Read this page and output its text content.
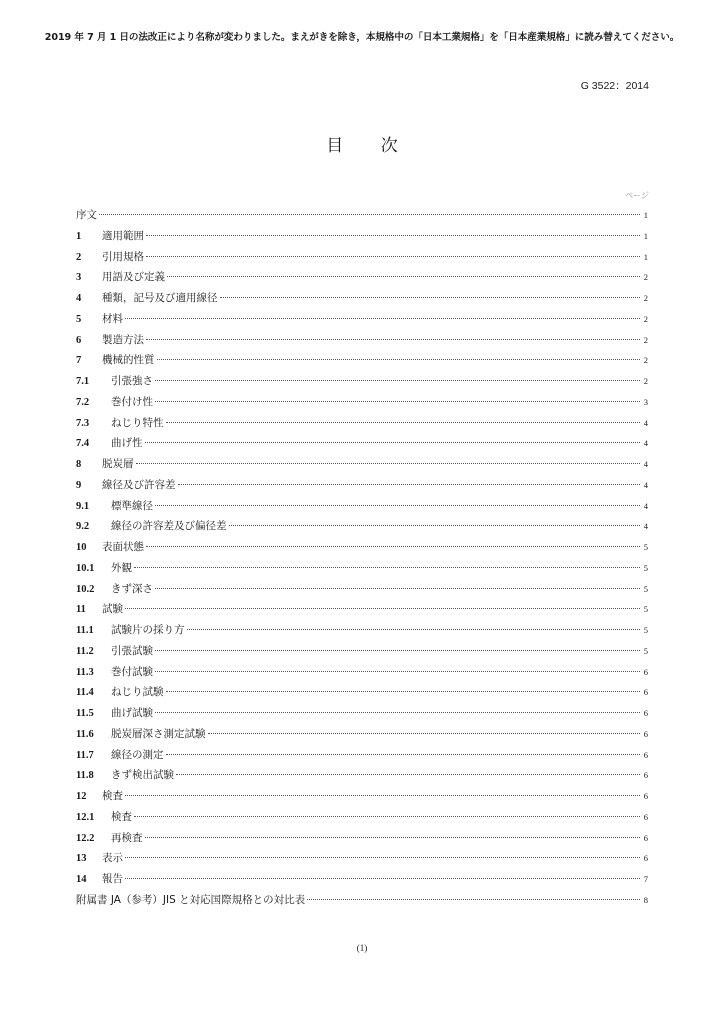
2019 年 7 月 1 日の法改正により名称が変わりました。まえがきを除き，本規格中の「日本工業規格」を「日本産業規格」に読み替えてください。
G 3522：2014
目 次
ページ
序文	1
1	適用範囲	1
2	引用規格	1
3	用語及び定義	2
4	種類，記号及び適用線径	2
5	材料	2
6	製造方法	2
7	機械的性質	2
7.1	引張強さ	2
7.2	巻付け性	3
7.3	ねじり特性	4
7.4	曲げ性	4
8	脱炭層	4
9	線径及び許容差	4
9.1	標準線径	4
9.2	線径の許容差及び偏径差	4
10	表面状態	5
10.1	外観	5
10.2	きず深さ	5
11	試験	5
11.1	試験片の採り方	5
11.2	引張試験	5
11.3	巻付試験	6
11.4	ねじり試験	6
11.5	曲げ試験	6
11.6	脱炭層深さ測定試験	6
11.7	線径の測定	6
11.8	きず検出試験	6
12	検査	6
12.1	検査	6
12.2	再検査	6
13	表示	6
14	報告	7
附属書 JA（参考）JIS と対応国際規格との対比表	8
(1)
